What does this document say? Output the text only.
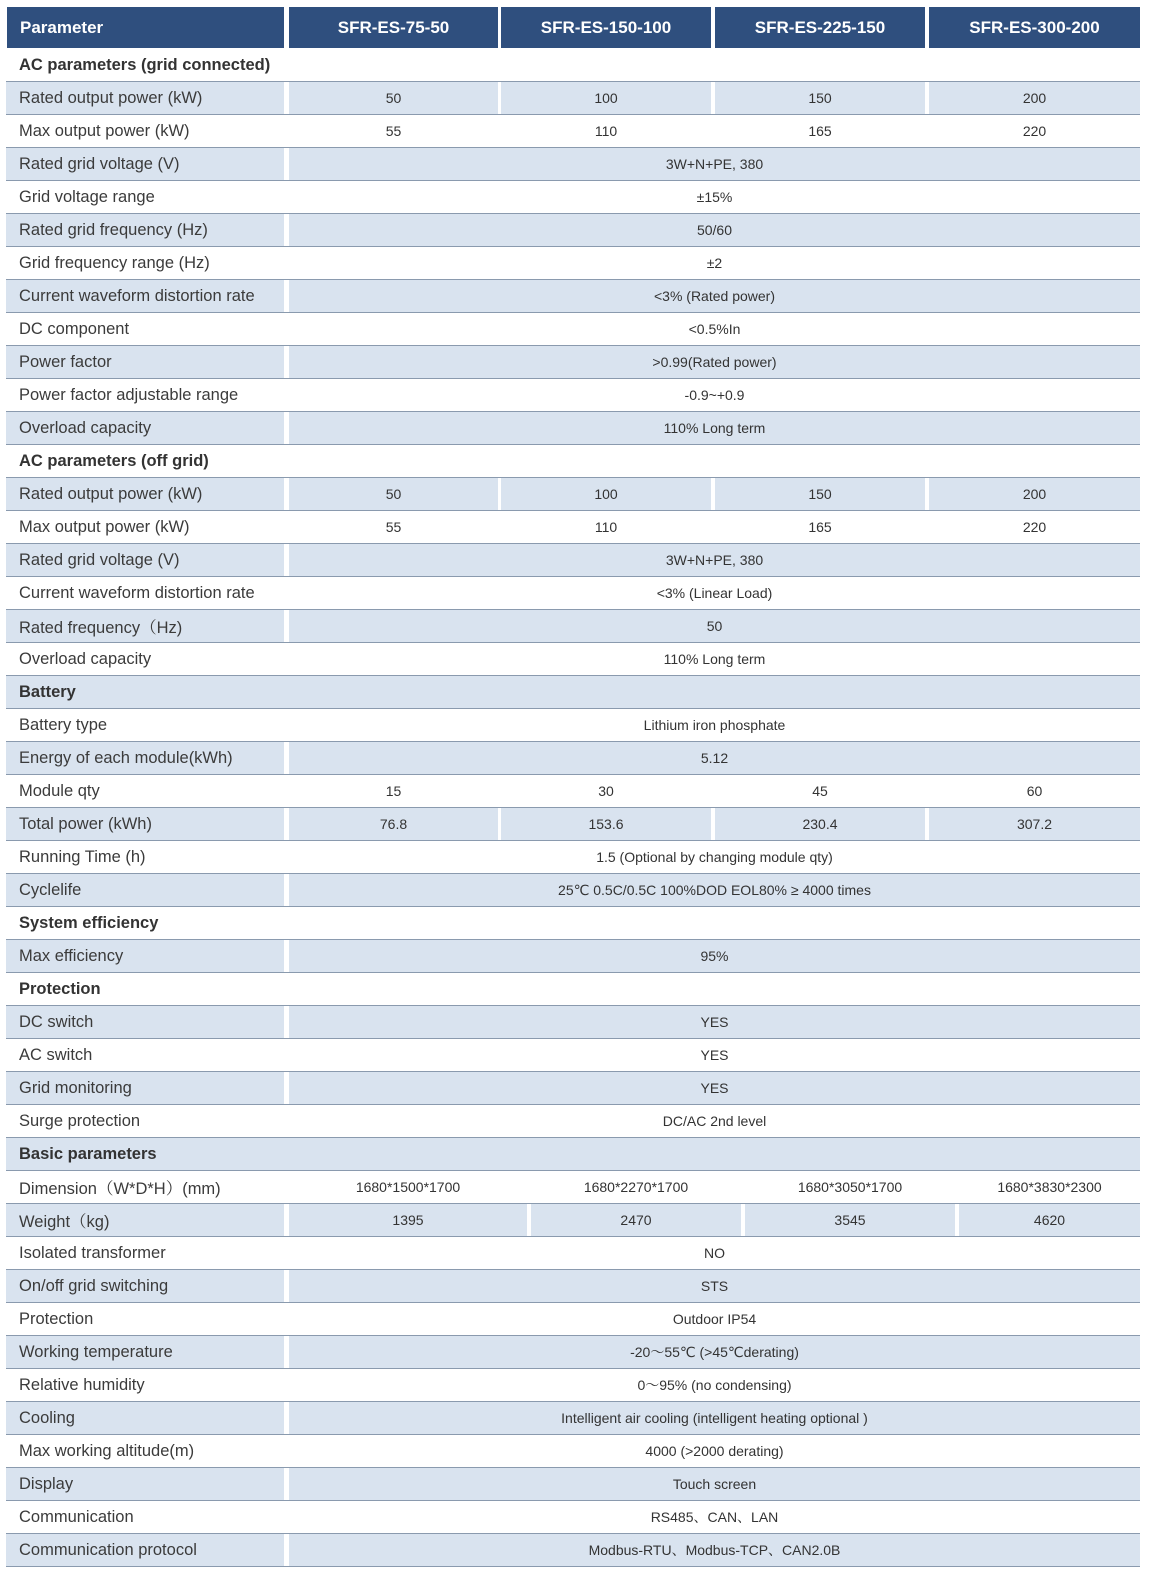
Parameter	SFR-ES-75-50	SFR-ES-150-100	SFR-ES-225-150	SFR-ES-300-200
AC parameters (grid connected)
Rated output power (kW)	50	100	150	200
Max output power (kW)	55	110	165	220
Rated grid voltage (V)	3W+N+PE, 380
Grid voltage range	±15%
Rated grid frequency (Hz)	50/60
Grid frequency range (Hz)	±2
Current waveform distortion rate	<3% (Rated power)
DC component	<0.5%In
Power factor	>0.99(Rated power)
Power factor adjustable range	-0.9~+0.9
Overload capacity	110% Long term
AC parameters (off grid)
Rated output power (kW)	50	100	150	200
Max output power (kW)	55	110	165	220
Rated grid voltage (V)	3W+N+PE, 380
Current waveform distortion rate	<3% (Linear Load)
Rated frequency（Hz)	50
Overload capacity	110% Long term
Battery
Battery type	Lithium iron phosphate
Energy of each module(kWh)	5.12
Module qty	15	30	45	60
Total power (kWh)	76.8	153.6	230.4	307.2
Running Time (h)	1.5 (Optional by changing module qty)
Cyclelife	25℃ 0.5C/0.5C 100%DOD EOL80% ≥ 4000 times
System efficiency
Max efficiency	95%
Protection
DC switch	YES
AC switch	YES
Grid monitoring	YES
Surge protection	DC/AC 2nd level
Basic parameters
Dimension（W*D*H）(mm)	1680*1500*1700	1680*2270*1700	1680*3050*1700	1680*3830*2300
Weight（kg)	1395	2470	3545	4620
Isolated transformer	NO
On/off grid switching	STS
Protection	Outdoor IP54
Working temperature	-20～55℃ (>45℃derating)
Relative humidity	0～95% (no condensing)
Cooling	Intelligent air cooling (intelligent heating optional )
Max working altitude(m)	4000 (>2000 derating)
Display	Touch screen
Communication	RS485、CAN、LAN
Communication protocol	Modbus-RTU、Modbus-TCP、CAN2.0B
